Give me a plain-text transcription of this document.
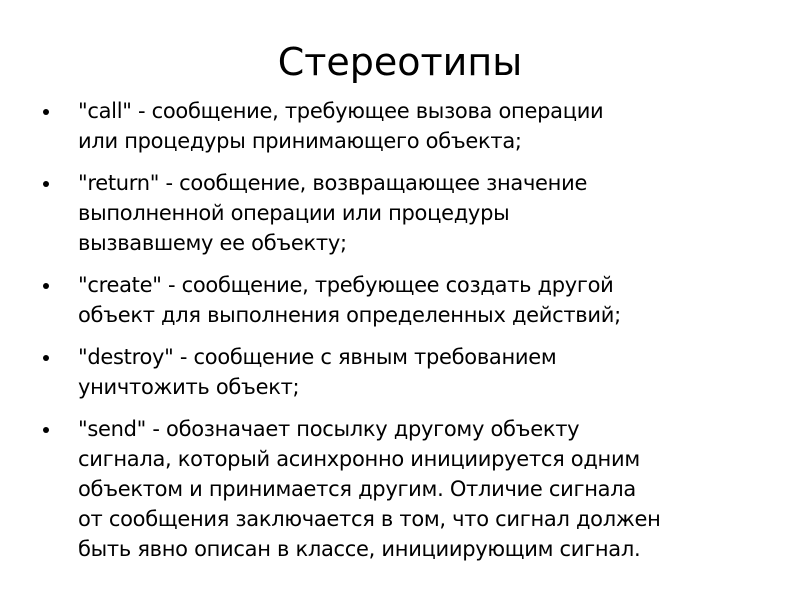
Стереотипы
"call" - сообщение, требующее вызова операции
или процедуры принимающего объекта;
"return" - сообщение, возвращающее значение
выполненной операции или процедуры
вызвавшему ее объекту;
"create" - сообщение, требующее создать другой
объект для выполнения определенных действий;
"destroy" - сообщение с явным требованием
уничтожить объект;
"send" - обозначает посылку другому объекту
сигнала, который асинхронно инициируется одним
объектом и принимается другим. Отличие сигнала
от сообщения заключается в том, что сигнал должен
быть явно описан в классе, инициирующим сигнал.
